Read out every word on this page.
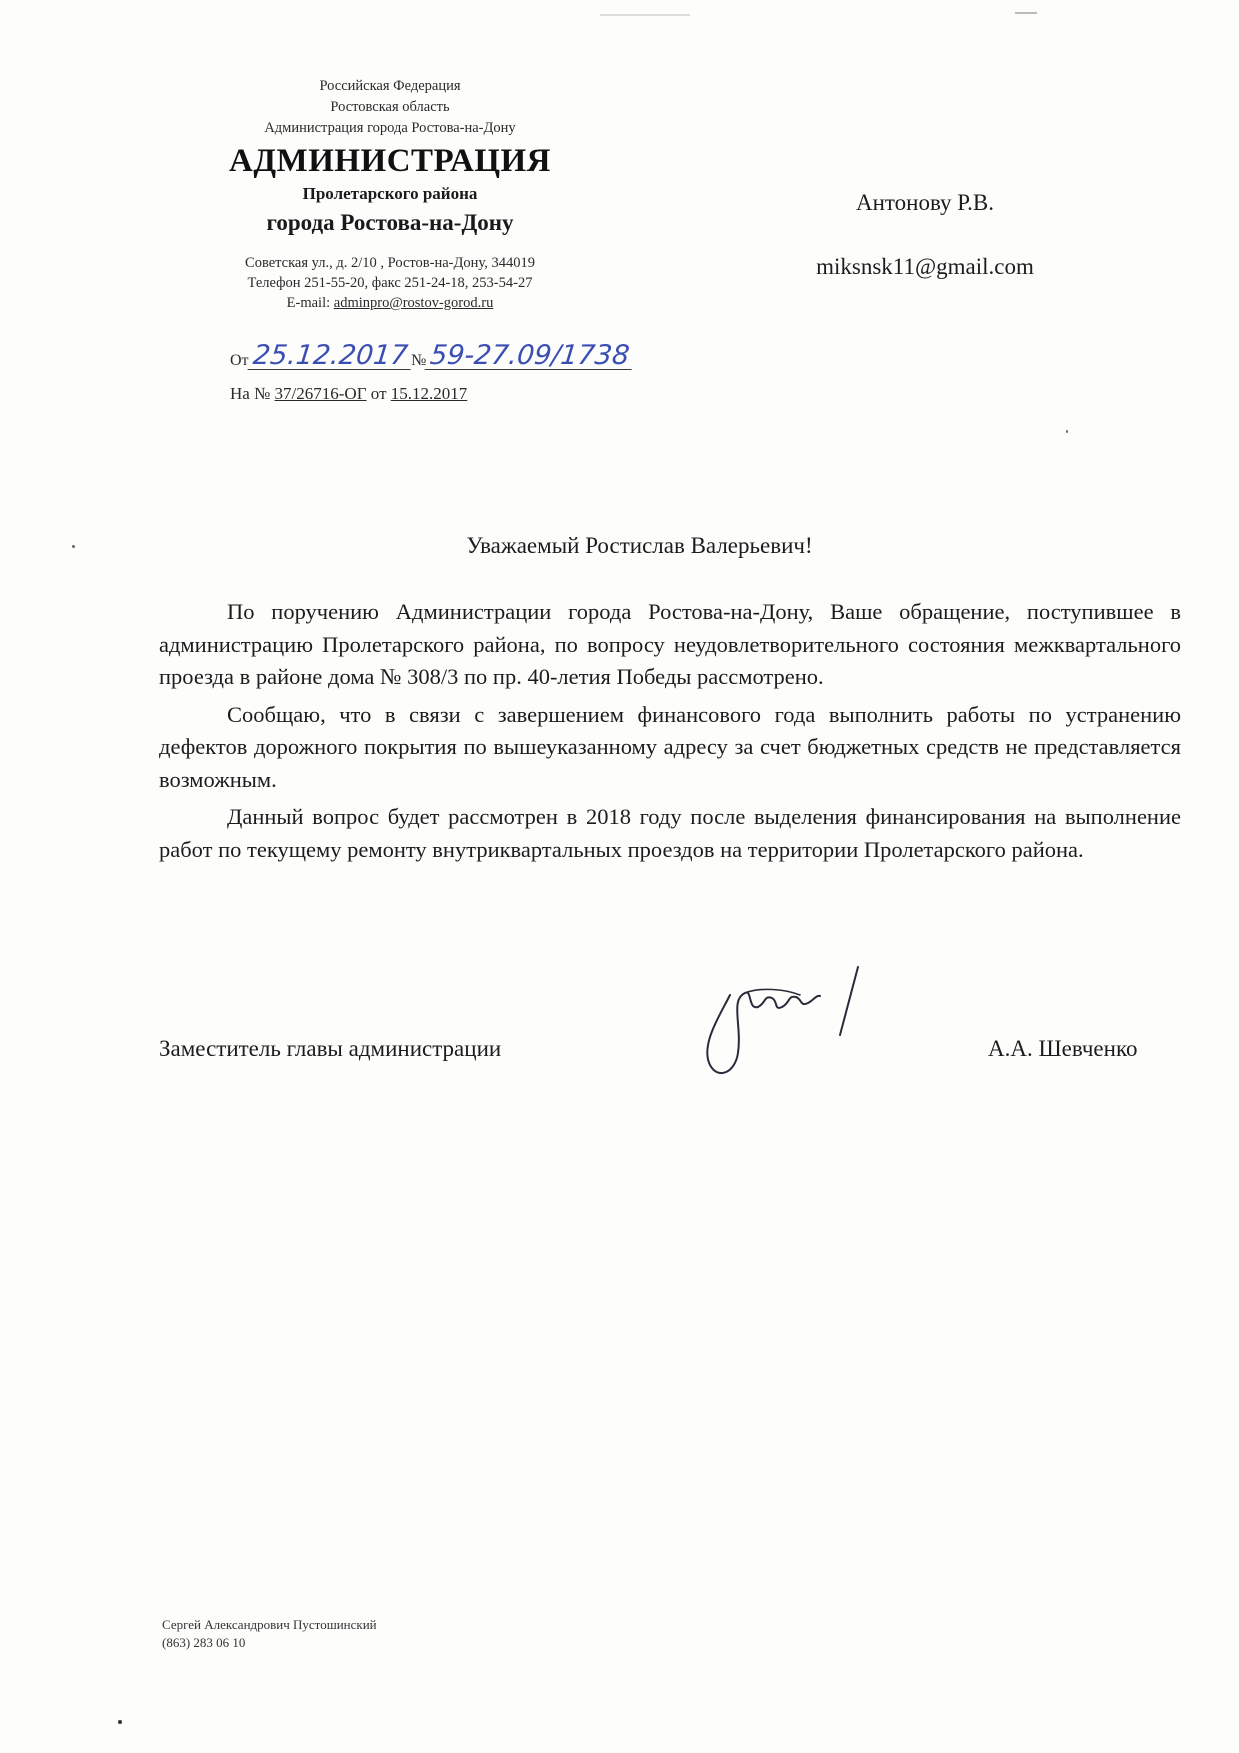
Российская Федерация
Ростовская область
Администрация города Ростова-на-Дону
АДМИНИСТРАЦИЯ
Пролетарского района
города Ростова-на-Дону
Советская ул., д. 2/10 , Ростов-на-Дону, 344019
Телефон 251-55-20, факс 251-24-18, 253-54-27
E-mail: adminpro@rostov-gorod.ru
От25.12.2017 №59-27.09/1738
На № 37/26716-ОГ от 15.12.2017
Антонову Р.В.
miksnsk11@gmail.com
Уважаемый Ростислав Валерьевич!

По поручению Администрации города Ростова-на-Дону, Ваше обращение, поступившее в администрацию Пролетарского района, по вопросу неудовлетворительного состояния межквартального проезда в районе дома № 308/3 по пр. 40-летия Победы рассмотрено.

Сообщаю, что в связи с завершением финансового года выполнить работы по устранению дефектов дорожного покрытия по вышеуказанному адресу за счет бюджетных средств не представляется возможным.

Данный вопрос будет рассмотрен в 2018 году после выделения финансирования на выполнение работ по текущему ремонту внутриквартальных проездов на территории Пролетарского района.

Заместитель главы администрации	А.А. Шевченко
Сергей Александрович Пустошинский
(863) 283 06 10
